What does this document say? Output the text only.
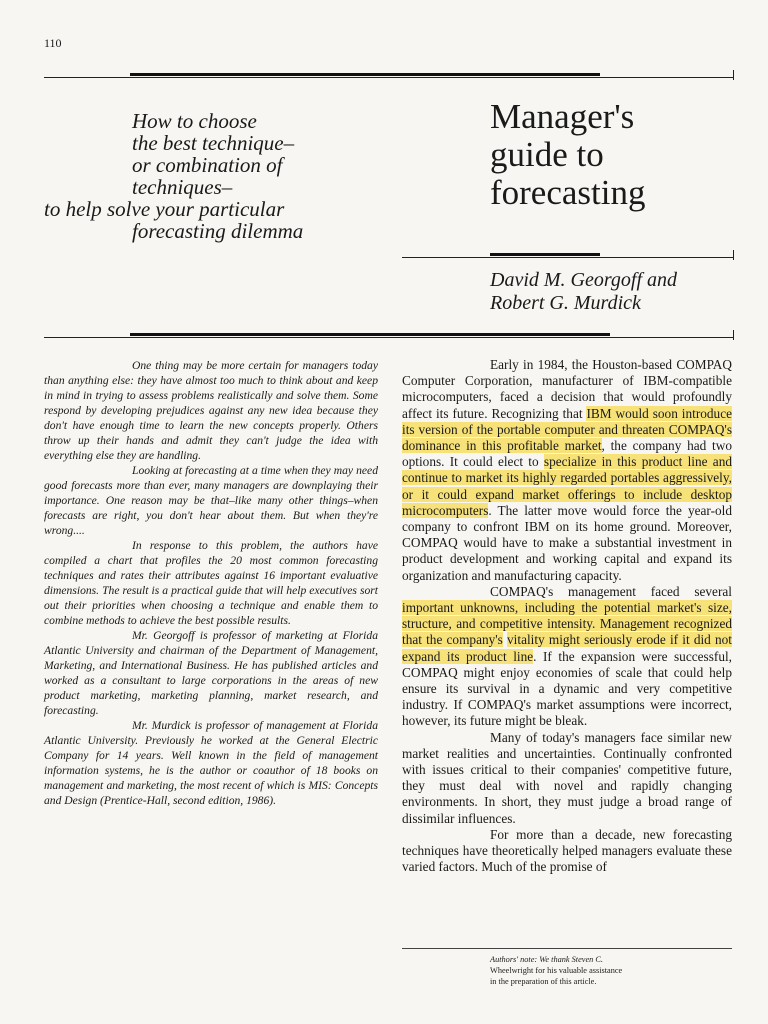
110
How to choose
the best technique–
or combination of
techniques–
to help solve your particular
forecasting dilemma
Manager's
guide to
forecasting
David M. Georgoff and
Robert G. Murdick

One thing may be more certain for managers today than anything else: they have almost too much to think about and keep in mind in trying to assess problems realistically and solve them. Some respond by developing prejudices against any new idea because they don't have enough time to learn the new concepts properly. Others throw up their hands and admit they can't judge the idea with everything else they are handling.

Looking at forecasting at a time when they may need good forecasts more than ever, many managers are downplaying their importance. One reason may be that–like many other things–when forecasts are right, you don't hear about them. But when they're wrong....

In response to this problem, the authors have compiled a chart that profiles the 20 most common forecasting techniques and rates their attributes against 16 important evaluative dimensions. The result is a practical guide that will help executives sort out their priorities when choosing a technique and enable them to combine methods to achieve the best possible results.

Mr. Georgoff is professor of marketing at Florida Atlantic University and chairman of the Department of Management, Marketing, and International Business. He has published articles and worked as a consultant to large corporations in the areas of new product marketing, marketing planning, market research, and forecasting.

Mr. Murdick is professor of management at Florida Atlantic University. Previously he worked at the General Electric Company for 14 years. Well known in the field of management information systems, he is the author or coauthor of 18 books on management and marketing, the most recent of which is MIS: Concepts and Design (Prentice-Hall, second edition, 1986).

Early in 1984, the Houston-based COMPAQ Computer Corporation, manufacturer of IBM-compatible microcomputers, faced a decision that would profoundly affect its future. Recognizing that IBM would soon introduce its version of the portable computer and threaten COMPAQ's dominance in this profitable market, the company had two options. It could elect to specialize in this product line and continue to market its highly regarded portables aggressively, or it could expand market offerings to include desktop microcomputers. The latter move would force the year-old company to confront IBM on its home ground. Moreover, COMPAQ would have to make a substantial investment in product development and working capital and expand its organization and manufacturing capacity.

COMPAQ's management faced several important unknowns, including the potential market's size, structure, and competitive intensity. Management recognized that the company's vitality might seriously erode if it did not expand its product line. If the expansion were successful, COMPAQ might enjoy economies of scale that could help ensure its survival in a dynamic and very competitive industry. If COMPAQ's market assumptions were incorrect, however, its future might be bleak.

Many of today's managers face similar new market realities and uncertainties. Continually confronted with issues critical to their companies' competitive future, they must deal with novel and rapidly changing environments. In short, they must judge a broad range of dissimilar influences.

For more than a decade, new forecasting techniques have theoretically helped managers evaluate these varied factors. Much of the promise of

Authors' note: We thank Steven C.
Wheelwright for his valuable assistance
in the preparation of this article.
